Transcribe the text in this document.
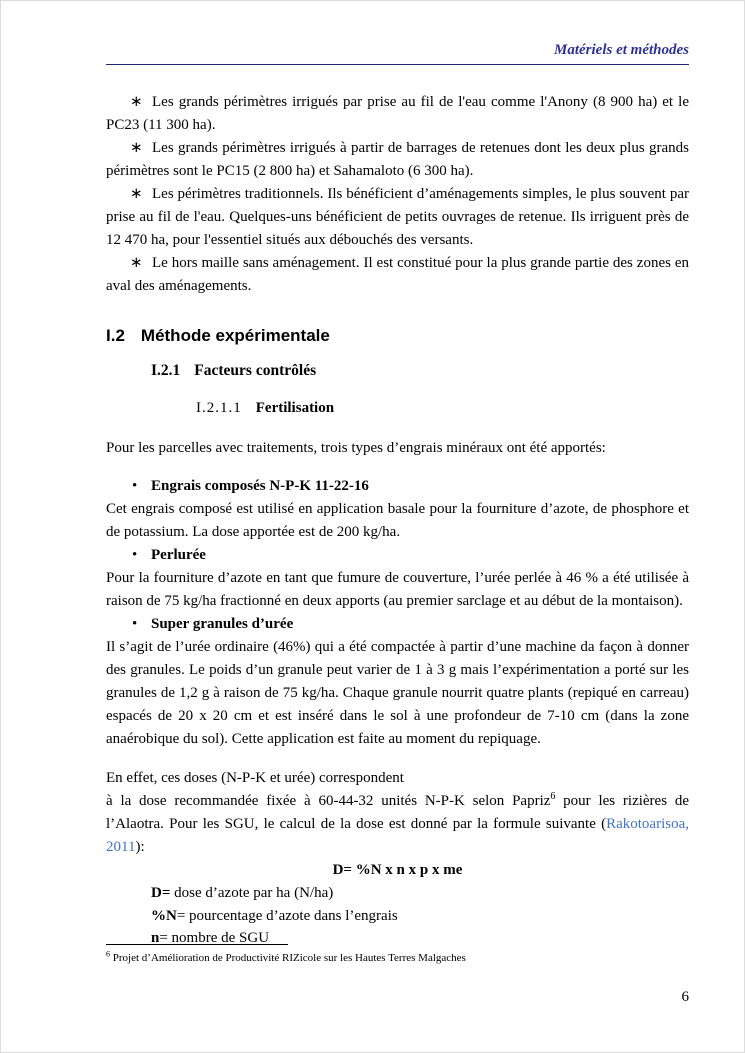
Matériels et méthodes

∗ Les grands périmètres irrigués par prise au fil de l'eau comme l'Anony (8 900 ha) et le PC23 (11 300 ha).

∗ Les grands périmètres irrigués à partir de barrages de retenues dont les deux plus grands périmètres sont le PC15 (2 800 ha) et Sahamaloto (6 300 ha).

∗ Les périmètres traditionnels. Ils bénéficient d’aménagements simples, le plus souvent par prise au fil de l'eau. Quelques-uns bénéficient de petits ouvrages de retenue. Ils irriguent près de 12 470 ha, pour l'essentiel situés aux débouchés des versants.

∗ Le hors maille sans aménagement. Il est constitué pour la plus grande partie des zones en aval des aménagements.

I.2 Méthode expérimentale
I.2.1 Facteurs contrôlés
I.2.1.1 Fertilisation

Pour les parcelles avec traitements, trois types d’engrais minéraux ont été apportés:

• Engrais composés N-P-K 11-22-16

Cet engrais composé est utilisé en application basale pour la fourniture d’azote, de phosphore et de potassium. La dose apportée est de 200 kg/ha.

• Perlurée

Pour la fourniture d’azote en tant que fumure de couverture, l’urée perlée à 46 % a été utilisée à raison de 75 kg/ha fractionné en deux apports (au premier sarclage et au début de la montaison).

• Super granules d’urée

Il s’agit de l’urée ordinaire (46%) qui a été compactée à partir d’une machine da façon à donner des granules. Le poids d’un granule peut varier de 1 à 3 g mais l’expérimentation a porté sur les granules de 1,2 g à raison de 75 kg/ha. Chaque granule nourrit quatre plants (repiqué en carreau) espacés de 20 x 20 cm et est inséré dans le sol à une profondeur de 7-10 cm (dans la zone anaérobique du sol). Cette application est faite au moment du repiquage.

En effet, ces doses (N-P-K et urée) correspondent

à la dose recommandée fixée à 60-44-32 unités N-P-K selon Papriz$^6$ pour les rizières de l’Alaotra. Pour les SGU, le calcul de la dose est donné par la formule suivante (Rakotoarisoa, 2011):

D= %N x n x p x me

D= dose d’azote par ha (N/ha)

%N= pourcentage d’azote dans l’engrais

n= nombre de SGU

$^6$ Projet d’Amélioration de Productivité RIZicole sur les Hautes Terres Malgaches

6
